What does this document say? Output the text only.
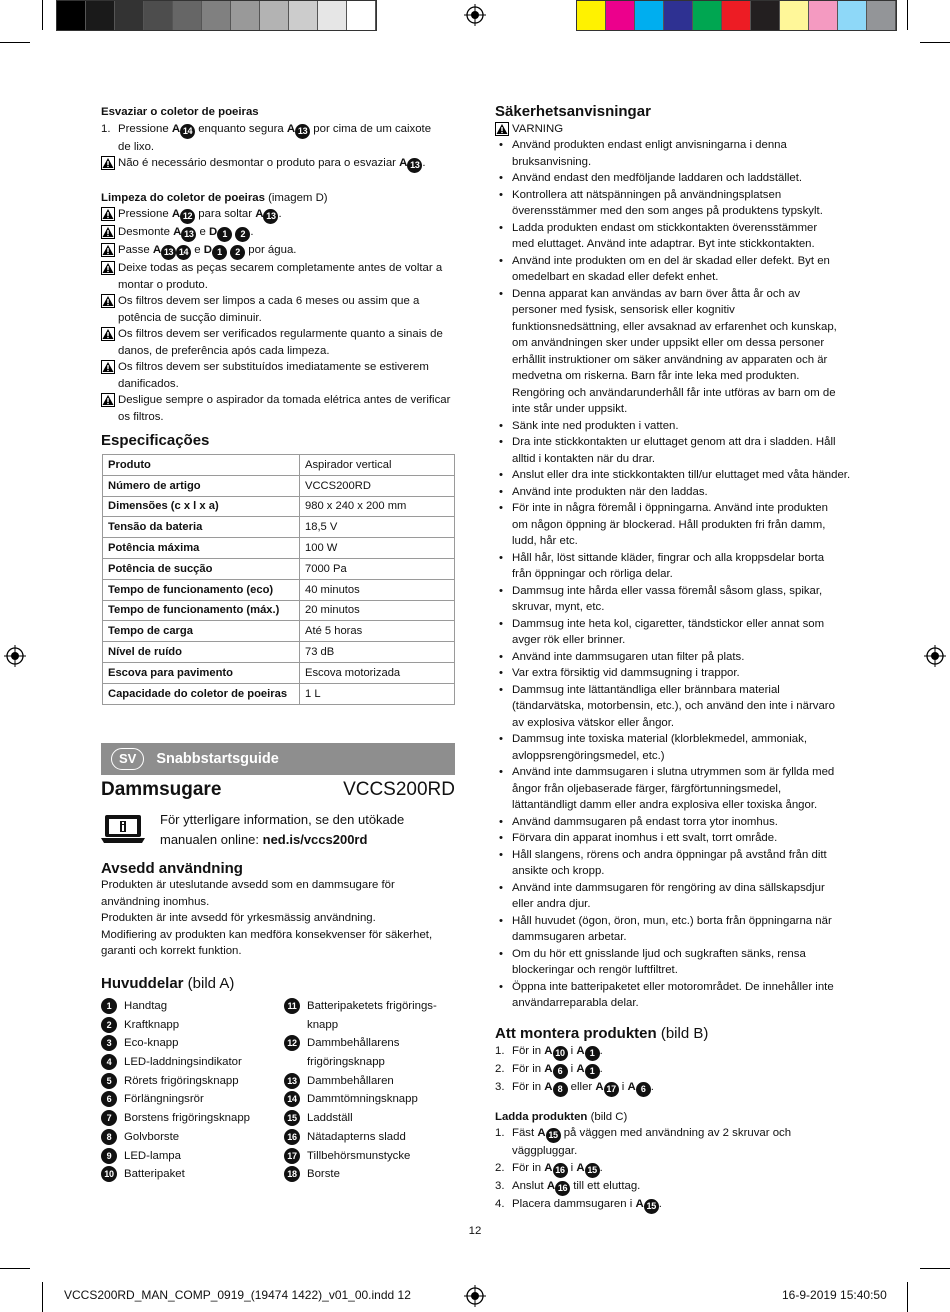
Esvaziar o coletor de poeiras
1. Pressione A 14 enquanto segura A 13 por cima de um caixote
de lixo.
Não é necessário desmontar o produto para o esvaziar A 13 .
Limpeza do coletor de poeiras (imagem D)
Pressione A 12 para soltar A 13 .
Desmonte A 13 e D 1 2 .
Passe A 13 14 e D 1 2 por água.
Deixe todas as peças secarem completamente antes de voltar a
montar o produto.
Os filtros devem ser limpos a cada 6 meses ou assim que a
potência de sucção diminuir.
Os filtros devem ser verificados regularmente quanto a sinais de
danos, de preferência após cada limpeza.
Os filtros devem ser substituídos imediatamente se estiverem
danificados.
Desligue sempre o aspirador da tomada elétrica antes de verificar
os filtros.
Especificações
Produto	Aspirador vertical
Número de artigo	VCCS200RD
Dimensões (c x l x a)	980 x 240 x 200 mm
Tensão da bateria	18,5 V
Potência máxima	100 W
Potência de sucção	7000 Pa
Tempo de funcionamento (eco)	40 minutos
Tempo de funcionamento (máx.)	20 minutos
Tempo de carga	Até 5 horas
Nível de ruído	73 dB
Escova para pavimento	Escova motorizada
Capacidade do coletor de poeiras	1 L
SV	Snabbstartsguide
Dammsugare	VCCS200RD
För ytterligare information, se den utökade
manualen online: ned.is/vccs200rd
Avsedd användning
Produkten är uteslutande avsedd som en dammsugare för
användning inomhus.
Produkten är inte avsedd för yrkesmässig användning.
Modifiering av produkten kan medföra konsekvenser för säkerhet,
garanti och korrekt funktion.
Huvuddelar (bild A)
1	Handtag
2	Kraftknapp
3	Eco-knapp
4	LED-laddningsindikator
5	Rörets frigöringsknapp
6	Förlängningsrör
7	Borstens frigöringsknapp
8	Golvborste
9	LED-lampa
10 Batteripaket
11 Batteripaketets frigörings-
knapp
12 Dammbehållarens
frigöringsknapp
13 Dammbehållaren
14 Dammtömningsknapp
15 Laddställ
16 Nätadapterns sladd
17 Tillbehörsmunstycke
18 Borste
Säkerhetsanvisningar
VARNING
• Använd produkten endast enligt anvisningarna i denna
bruksanvisning.
• Använd endast den medföljande laddaren och laddstället.
• Kontrollera att nätspänningen på användningsplatsen
överensstämmer med den som anges på produktens typskylt.
• Ladda produkten endast om stickkontakten överensstämmer
med eluttaget. Använd inte adaptrar. Byt inte stickkontakten.
• Använd inte produkten om en del är skadad eller defekt. Byt en
omedelbart en skadad eller defekt enhet.
• Denna apparat kan användas av barn över åtta år och av
personer med fysisk, sensorisk eller kognitiv
funktionsnedsättning, eller avsaknad av erfarenhet och kunskap,
om användningen sker under uppsikt eller om dessa personer
erhållit instruktioner om säker användning av apparaten och är
medvetna om riskerna. Barn får inte leka med produkten.
Rengöring och användarunderhåll får inte utföras av barn om de
inte står under uppsikt.
• Sänk inte ned produkten i vatten.
• Dra inte stickkontakten ur eluttaget genom att dra i sladden. Håll
alltid i kontakten när du drar.
• Anslut eller dra inte stickkontakten till/ur eluttaget med våta händer.
• Använd inte produkten när den laddas.
• För inte in några föremål i öppningarna. Använd inte produkten
om någon öppning är blockerad. Håll produkten fri från damm,
ludd, hår etc.
• Håll hår, löst sittande kläder, fingrar och alla kroppsdelar borta
från öppningar och rörliga delar.
• Dammsug inte hårda eller vassa föremål såsom glass, spikar,
skruvar, mynt, etc.
• Dammsug inte heta kol, cigaretter, tändstickor eller annat som
avger rök eller brinner.
• Använd inte dammsugaren utan filter på plats.
• Var extra försiktig vid dammsugning i trappor.
• Dammsug inte lättantändliga eller brännbara material
(tändarvätska, motorbensin, etc.), och använd den inte i närvaro
av explosiva vätskor eller ångor.
• Dammsug inte toxiska material (klorblekmedel, ammoniak,
avloppsrengöringsmedel, etc.)
• Använd inte dammsugaren i slutna utrymmen som är fyllda med
ångor från oljebaserade färger, färgförtunningsmedel,
lättantändligt damm eller andra explosiva eller toxiska ångor.
• Använd dammsugaren på endast torra ytor inomhus.
• Förvara din apparat inomhus i ett svalt, torrt område.
• Håll slangens, rörens och andra öppningar på avstånd från ditt
ansikte och kropp.
• Använd inte dammsugaren för rengöring av dina sällskapsdjur
eller andra djur.
• Håll huvudet (ögon, öron, mun, etc.) borta från öppningarna när
dammsugaren arbetar.
• Om du hör ett gnisslande ljud och sugkraften sänks, rensa
blockeringar och rengör luftfiltret.
• Öppna inte batteripaketet eller motorområdet. De innehåller inte
användarreparabla delar.
Att montera produkten (bild B)
1. För in A 10 i A 1 .
2. För in A 6 i A 1 .
3. För in A 8 eller A 17 i A 6 .
Ladda produkten (bild C)
1. Fäst A 15 på väggen med användning av 2 skruvar och
väggpluggar.
2. För in A 16 i A 15 .
3. Anslut A 16 till ett eluttag.
4. Placera dammsugaren i A 15 .
12
VCCS200RD_MAN_COMP_0919_(19474 1422)_v01_00.indd 12	16-9-2019 15:40:50
